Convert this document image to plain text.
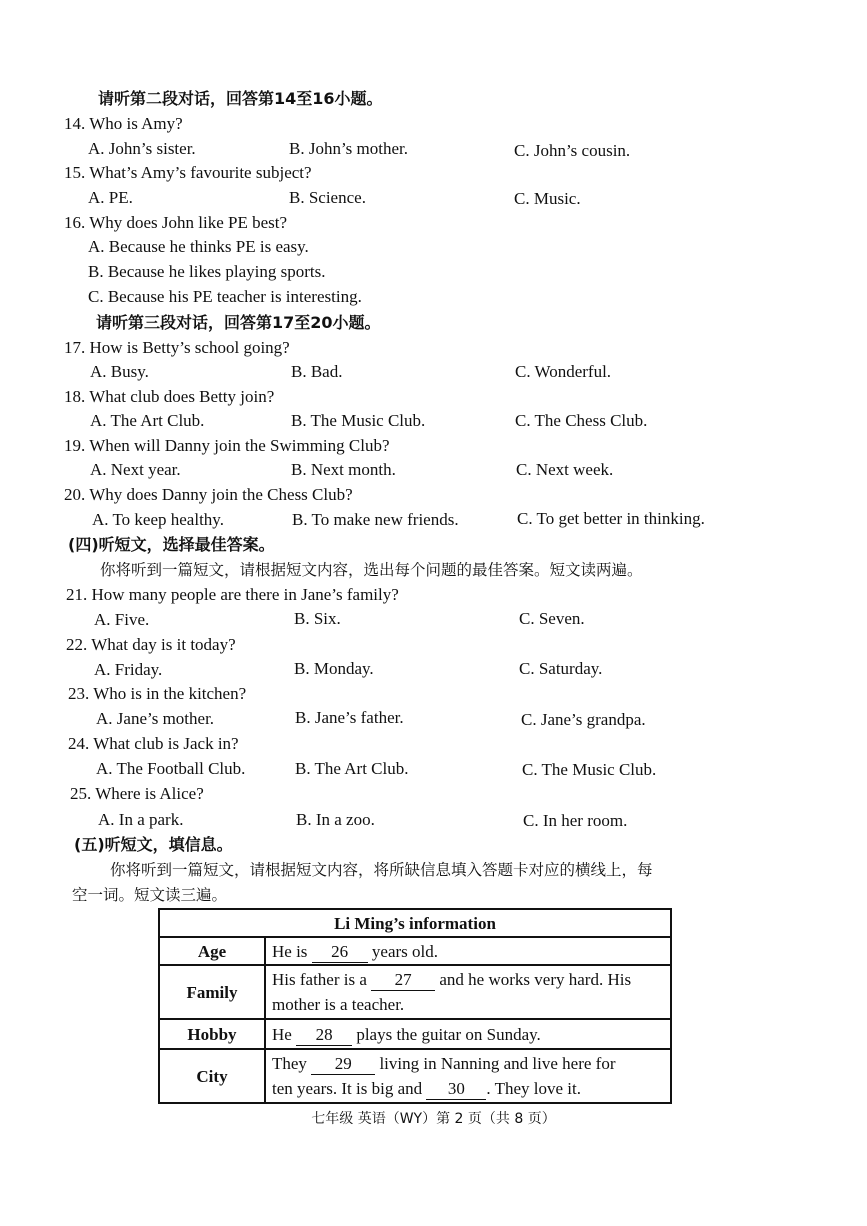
请听第二段对话，回答第14至16小题。
14. Who is Amy?
A. John’s sister.	B. John’s mother.	C. John’s cousin.
15. What’s Amy’s favourite subject?
A. PE.	B. Science.	C. Music.
16. Why does John like PE best?
A. Because he thinks PE is easy.
B. Because he likes playing sports.
C. Because his PE teacher is interesting.
请听第三段对话，回答第17至20小题。
17. How is Betty’s school going?
A. Busy.	B. Bad.	C. Wonderful.
18. What club does Betty join?
A. The Art Club.	B. The Music Club.	C. The Chess Club.
19. When will Danny join the Swimming Club?
A. Next year.	B. Next month.	C. Next week.
20. Why does Danny join the Chess Club?
A. To keep healthy.	B. To make new friends.	C. To get better in thinking.
(四)听短文，选择最佳答案。
你将听到一篇短文，请根据短文内容，选出每个问题的最佳答案。短文读两遍。
21. How many people are there in Jane’s family?
A. Five.	B. Six.	C. Seven.
22. What day is it today?
A. Friday.	B. Monday.	C. Saturday.
23. Who is in the kitchen?
A. Jane’s mother.	B. Jane’s father.	C. Jane’s grandpa.
24. What club is Jack in?
A. The Football Club.	B. The Art Club.	C. The Music Club.
25. Where is Alice?
A. In a park.	B. In a zoo.	C. In her room.
(五)听短文，填信息。
你将听到一篇短文，请根据短文内容，将所缺信息填入答题卡对应的横线上，每
空一词。短文读三遍。
Li Ming’s information	
Age	He is 26 years old.
Family	His father is a 27 and he works very hard. His
mother is a teacher.
Hobby	He 28 plays the guitar on Sunday.
City	They 29 living in Nanning and live here for
ten years. It is big and 30 . They love it.
七年级 英语（WY）第 2 页（共 8 页）
